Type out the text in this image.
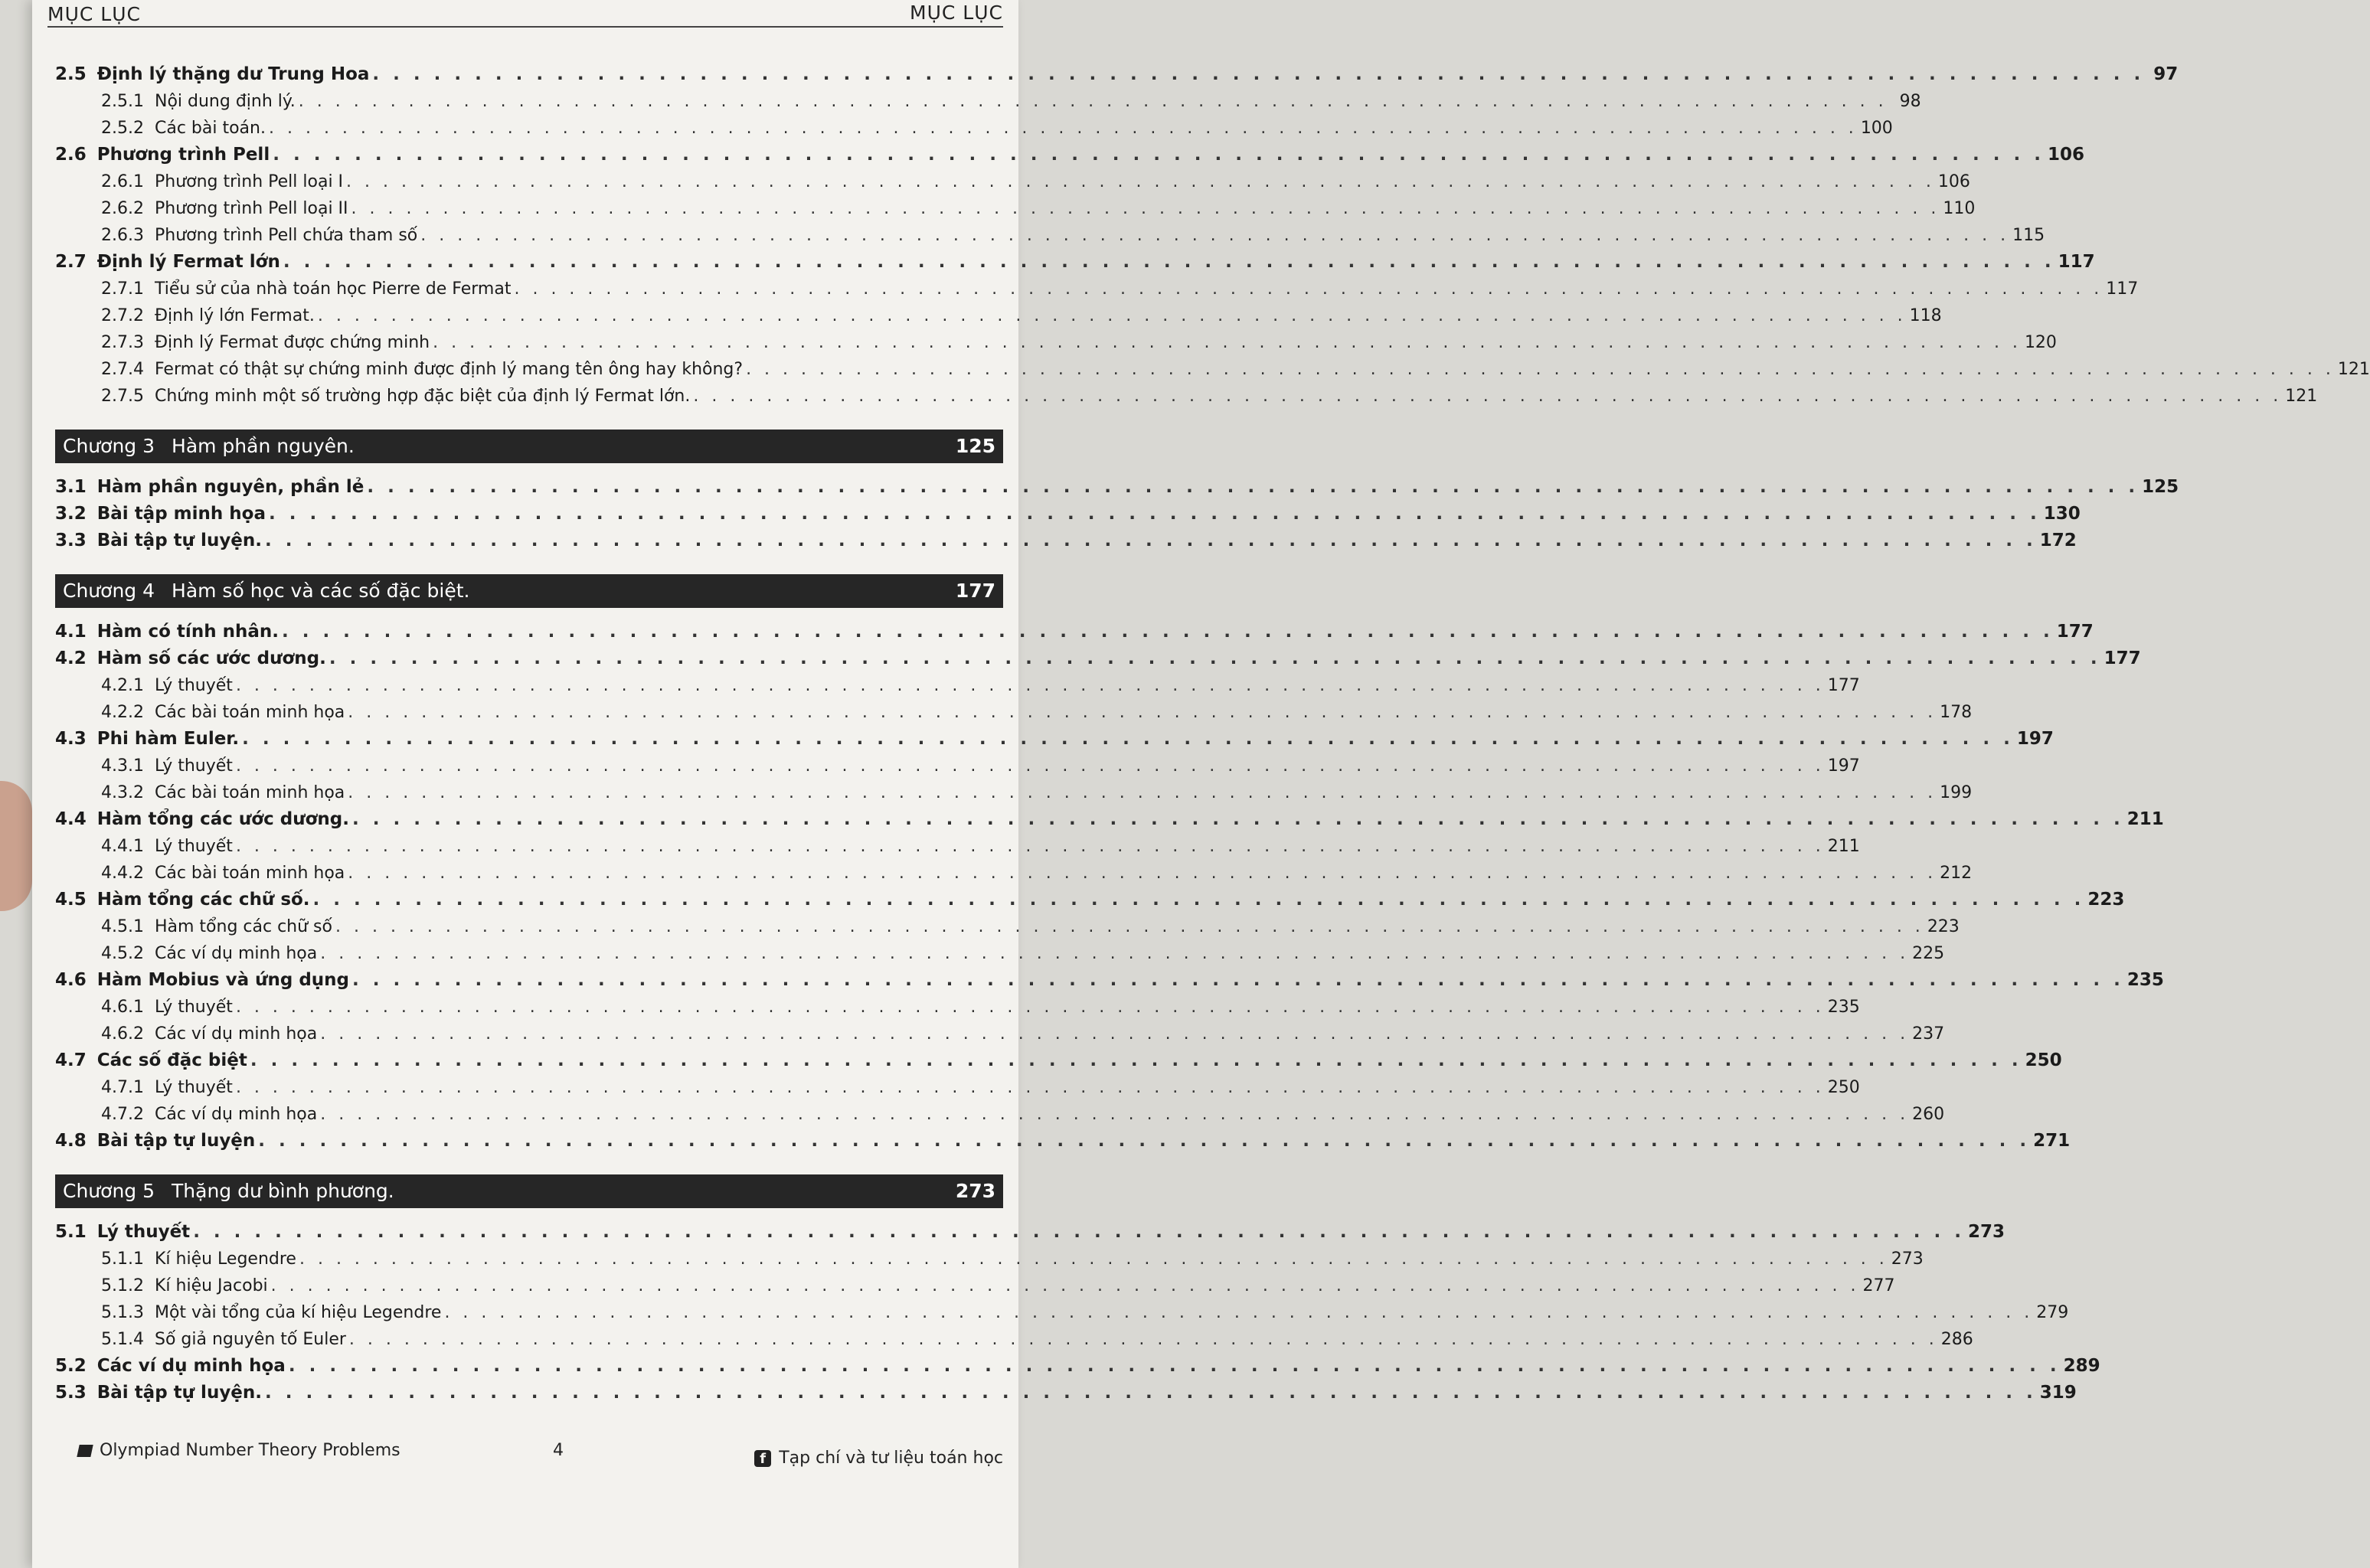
MỤC LỤC	MỤC LỤC
2.5 Định lý thặng dư Trung Hoa . . . . . . . . . . . . . . . . . . . . . . . . . . . . . . . . . . . . . . . . . . . . . . . . . . . . . . . . . . . . . . . . . . . . . . . . . . . . . . . . . . . . . . . 97
2.5.1 Nội dung định lý. . . . . . . . . . . . . . . . . . . . . . . . . . . . . . . . . . . . . . . . . . . . . . . . . . . . . . . . . . . . . . . . . . . . . . . . . . . . . . . . . . . . . . . . 98
2.5.2 Các bài toán. . . . . . . . . . . . . . . . . . . . . . . . . . . . . . . . . . . . . . . . . . . . . . . . . . . . . . . . . . . . . . . . . . . . . . . . . . . . . . . . . . . . . . . . 100
2.6 Phương trình Pell . . . . . . . . . . . . . . . . . . . . . . . . . . . . . . . . . . . . . . . . . . . . . . . . . . . . . . . . . . . . . . . . . . . . . . . . . . . . . . . . . . . . . . . 106
2.6.1 Phương trình Pell loại I . . . . . . . . . . . . . . . . . . . . . . . . . . . . . . . . . . . . . . . . . . . . . . . . . . . . . . . . . . . . . . . . . . . . . . . . . . . . . . . . . . . . . . . 106
2.6.2 Phương trình Pell loại II . . . . . . . . . . . . . . . . . . . . . . . . . . . . . . . . . . . . . . . . . . . . . . . . . . . . . . . . . . . . . . . . . . . . . . . . . . . . . . . . . . . . . . . 110
2.6.3 Phương trình Pell chứa tham số . . . . . . . . . . . . . . . . . . . . . . . . . . . . . . . . . . . . . . . . . . . . . . . . . . . . . . . . . . . . . . . . . . . . . . . . . . . . . . . . . . . . . . . 115
2.7 Định lý Fermat lớn . . . . . . . . . . . . . . . . . . . . . . . . . . . . . . . . . . . . . . . . . . . . . . . . . . . . . . . . . . . . . . . . . . . . . . . . . . . . . . . . . . . . . . . 117
2.7.1 Tiểu sử của nhà toán học Pierre de Fermat . . . . . . . . . . . . . . . . . . . . . . . . . . . . . . . . . . . . . . . . . . . . . . . . . . . . . . . . . . . . . . . . . . . . . . . . . . . . . . . . . . . . . . . 117
2.7.2 Định lý lớn Fermat. . . . . . . . . . . . . . . . . . . . . . . . . . . . . . . . . . . . . . . . . . . . . . . . . . . . . . . . . . . . . . . . . . . . . . . . . . . . . . . . . . . . . . . . 118
2.7.3 Định lý Fermat được chứng minh . . . . . . . . . . . . . . . . . . . . . . . . . . . . . . . . . . . . . . . . . . . . . . . . . . . . . . . . . . . . . . . . . . . . . . . . . . . . . . . . . . . . . . . 120
2.7.4 Fermat có thật sự chứng minh được định lý mang tên ông hay không? . . . . . . . . . . . . . . . . . . . . . . . . . . . . . . . . . . . . . . . . . . . . . . . . . . . . . . . . . . . . . . . . . . . . . . . . . . . . . . . . . . . . . . . 121
2.7.5 Chứng minh một số trường hợp đặc biệt của định lý Fermat lớn. . . . . . . . . . . . . . . . . . . . . . . . . . . . . . . . . . . . . . . . . . . . . . . . . . . . . . . . . . . . . . . . . . . . . . . . . . . . . . . . . . . . . . . . 121
Chương 3 Hàm phần nguyên.	125
3.1 Hàm phần nguyên, phần lẻ . . . . . . . . . . . . . . . . . . . . . . . . . . . . . . . . . . . . . . . . . . . . . . . . . . . . . . . . . . . . . . . . . . . . . . . . . . . . . . . . . . . . . . . 125
3.2 Bài tập minh họa . . . . . . . . . . . . . . . . . . . . . . . . . . . . . . . . . . . . . . . . . . . . . . . . . . . . . . . . . . . . . . . . . . . . . . . . . . . . . . . . . . . . . . . 130
3.3 Bài tập tự luyện. . . . . . . . . . . . . . . . . . . . . . . . . . . . . . . . . . . . . . . . . . . . . . . . . . . . . . . . . . . . . . . . . . . . . . . . . . . . . . . . . . . . . . . . 172
Chương 4 Hàm số học và các số đặc biệt.	177
4.1 Hàm có tính nhân. . . . . . . . . . . . . . . . . . . . . . . . . . . . . . . . . . . . . . . . . . . . . . . . . . . . . . . . . . . . . . . . . . . . . . . . . . . . . . . . . . . . . . . . 177
4.2 Hàm số các ước dương. . . . . . . . . . . . . . . . . . . . . . . . . . . . . . . . . . . . . . . . . . . . . . . . . . . . . . . . . . . . . . . . . . . . . . . . . . . . . . . . . . . . . . . . 177
4.2.1 Lý thuyết . . . . . . . . . . . . . . . . . . . . . . . . . . . . . . . . . . . . . . . . . . . . . . . . . . . . . . . . . . . . . . . . . . . . . . . . . . . . . . . . . . . . . . . 177
4.2.2 Các bài toán minh họa . . . . . . . . . . . . . . . . . . . . . . . . . . . . . . . . . . . . . . . . . . . . . . . . . . . . . . . . . . . . . . . . . . . . . . . . . . . . . . . . . . . . . . . 178
4.3 Phi hàm Euler. . . . . . . . . . . . . . . . . . . . . . . . . . . . . . . . . . . . . . . . . . . . . . . . . . . . . . . . . . . . . . . . . . . . . . . . . . . . . . . . . . . . . . . . 197
4.3.1 Lý thuyết . . . . . . . . . . . . . . . . . . . . . . . . . . . . . . . . . . . . . . . . . . . . . . . . . . . . . . . . . . . . . . . . . . . . . . . . . . . . . . . . . . . . . . . 197
4.3.2 Các bài toán minh họa . . . . . . . . . . . . . . . . . . . . . . . . . . . . . . . . . . . . . . . . . . . . . . . . . . . . . . . . . . . . . . . . . . . . . . . . . . . . . . . . . . . . . . . 199
4.4 Hàm tổng các ước dương. . . . . . . . . . . . . . . . . . . . . . . . . . . . . . . . . . . . . . . . . . . . . . . . . . . . . . . . . . . . . . . . . . . . . . . . . . . . . . . . . . . . . . . . 211
4.4.1 Lý thuyết . . . . . . . . . . . . . . . . . . . . . . . . . . . . . . . . . . . . . . . . . . . . . . . . . . . . . . . . . . . . . . . . . . . . . . . . . . . . . . . . . . . . . . . 211
4.4.2 Các bài toán minh họa . . . . . . . . . . . . . . . . . . . . . . . . . . . . . . . . . . . . . . . . . . . . . . . . . . . . . . . . . . . . . . . . . . . . . . . . . . . . . . . . . . . . . . . 212
4.5 Hàm tổng các chữ số. . . . . . . . . . . . . . . . . . . . . . . . . . . . . . . . . . . . . . . . . . . . . . . . . . . . . . . . . . . . . . . . . . . . . . . . . . . . . . . . . . . . . . . . 223
4.5.1 Hàm tổng các chữ số . . . . . . . . . . . . . . . . . . . . . . . . . . . . . . . . . . . . . . . . . . . . . . . . . . . . . . . . . . . . . . . . . . . . . . . . . . . . . . . . . . . . . . . 223
4.5.2 Các ví dụ minh họa . . . . . . . . . . . . . . . . . . . . . . . . . . . . . . . . . . . . . . . . . . . . . . . . . . . . . . . . . . . . . . . . . . . . . . . . . . . . . . . . . . . . . . . 225
4.6 Hàm Mobius và ứng dụng . . . . . . . . . . . . . . . . . . . . . . . . . . . . . . . . . . . . . . . . . . . . . . . . . . . . . . . . . . . . . . . . . . . . . . . . . . . . . . . . . . . . . . . 235
4.6.1 Lý thuyết . . . . . . . . . . . . . . . . . . . . . . . . . . . . . . . . . . . . . . . . . . . . . . . . . . . . . . . . . . . . . . . . . . . . . . . . . . . . . . . . . . . . . . . 235
4.6.2 Các ví dụ minh họa . . . . . . . . . . . . . . . . . . . . . . . . . . . . . . . . . . . . . . . . . . . . . . . . . . . . . . . . . . . . . . . . . . . . . . . . . . . . . . . . . . . . . . . 237
4.7 Các số đặc biệt . . . . . . . . . . . . . . . . . . . . . . . . . . . . . . . . . . . . . . . . . . . . . . . . . . . . . . . . . . . . . . . . . . . . . . . . . . . . . . . . . . . . . . . 250
4.7.1 Lý thuyết . . . . . . . . . . . . . . . . . . . . . . . . . . . . . . . . . . . . . . . . . . . . . . . . . . . . . . . . . . . . . . . . . . . . . . . . . . . . . . . . . . . . . . . 250
4.7.2 Các ví dụ minh họa . . . . . . . . . . . . . . . . . . . . . . . . . . . . . . . . . . . . . . . . . . . . . . . . . . . . . . . . . . . . . . . . . . . . . . . . . . . . . . . . . . . . . . . 260
4.8 Bài tập tự luyện . . . . . . . . . . . . . . . . . . . . . . . . . . . . . . . . . . . . . . . . . . . . . . . . . . . . . . . . . . . . . . . . . . . . . . . . . . . . . . . . . . . . . . . 271
Chương 5 Thặng dư bình phương.	273
5.1 Lý thuyết . . . . . . . . . . . . . . . . . . . . . . . . . . . . . . . . . . . . . . . . . . . . . . . . . . . . . . . . . . . . . . . . . . . . . . . . . . . . . . . . . . . . . . . 273
5.1.1 Kí hiệu Legendre . . . . . . . . . . . . . . . . . . . . . . . . . . . . . . . . . . . . . . . . . . . . . . . . . . . . . . . . . . . . . . . . . . . . . . . . . . . . . . . . . . . . . . . 273
5.1.2 Kí hiệu Jacobi . . . . . . . . . . . . . . . . . . . . . . . . . . . . . . . . . . . . . . . . . . . . . . . . . . . . . . . . . . . . . . . . . . . . . . . . . . . . . . . . . . . . . . . 277
5.1.3 Một vài tổng của kí hiệu Legendre . . . . . . . . . . . . . . . . . . . . . . . . . . . . . . . . . . . . . . . . . . . . . . . . . . . . . . . . . . . . . . . . . . . . . . . . . . . . . . . . . . . . . . . 279
5.1.4 Số giả nguyên tố Euler . . . . . . . . . . . . . . . . . . . . . . . . . . . . . . . . . . . . . . . . . . . . . . . . . . . . . . . . . . . . . . . . . . . . . . . . . . . . . . . . . . . . . . . 286
5.2 Các ví dụ minh họa . . . . . . . . . . . . . . . . . . . . . . . . . . . . . . . . . . . . . . . . . . . . . . . . . . . . . . . . . . . . . . . . . . . . . . . . . . . . . . . . . . . . . . . 289
5.3 Bài tập tự luyện. . . . . . . . . . . . . . . . . . . . . . . . . . . . . . . . . . . . . . . . . . . . . . . . . . . . . . . . . . . . . . . . . . . . . . . . . . . . . . . . . . . . . . . . 319
Olympiad Number Theory Problems	4	f Tạp chí và tư liệu toán học
